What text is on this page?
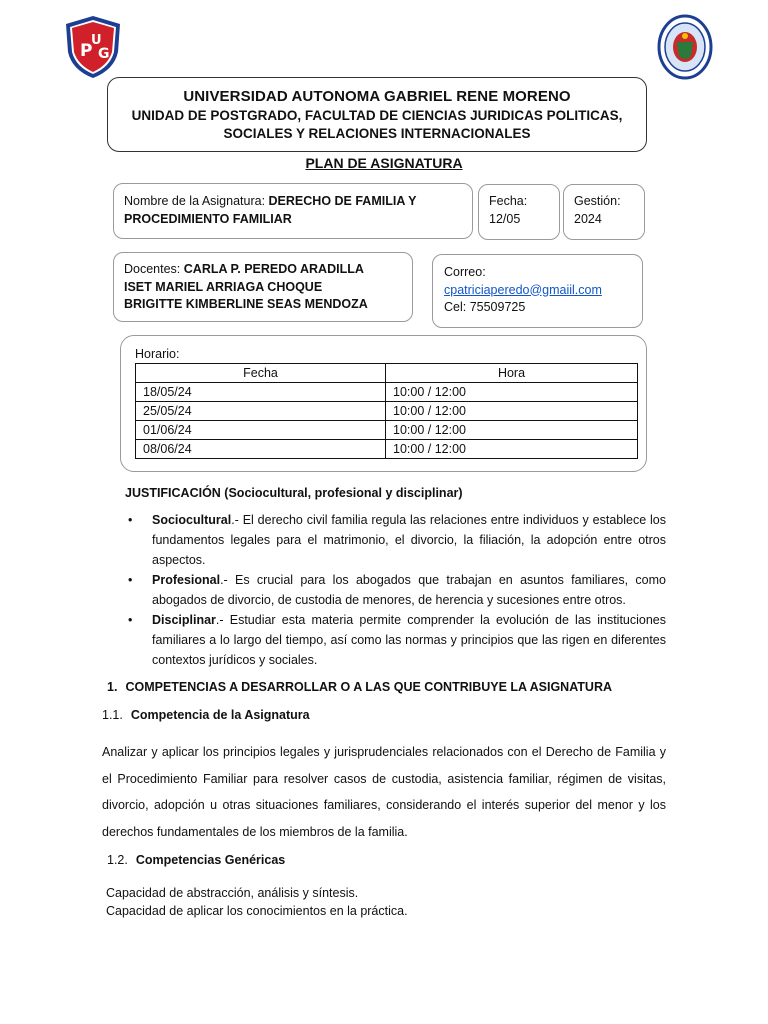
P
U
G
UNIVERSIDAD AUTONOMA GABRIEL RENE MORENO
UNIDAD DE POSTGRADO, FACULTAD DE CIENCIAS JURIDICAS POLITICAS, SOCIALES Y RELACIONES INTERNACIONALES
PLAN DE ASIGNATURA
Nombre de la Asignatura: DERECHO DE FAMILIA Y PROCEDIMIENTO FAMILIAR
Fecha:
12/05
Gestión:
2024
Docentes: CARLA P. PEREDO ARADILLA
ISET MARIEL ARRIAGA CHOQUE
BRIGITTE KIMBERLINE SEAS MENDOZA
Correo:
cpatriciaperedo@gmaiil.com
Cel: 75509725
Horario:
Fecha	Hora
18/05/24	10:00 / 12:00
25/05/24	10:00 / 12:00
01/06/24	10:00 / 12:00
08/06/24	10:00 / 12:00
JUSTIFICACIÓN (Sociocultural, profesional y disciplinar)
• Sociocultural.- El derecho civil familia regula las relaciones entre individuos y establece los fundamentos legales para el matrimonio, el divorcio, la filiación, la adopción entre otros aspectos.
• Profesional.- Es crucial para los abogados que trabajan en asuntos familiares, como abogados de divorcio, de custodia de menores, de herencia y sucesiones entre otros.
• Disciplinar.- Estudiar esta materia permite comprender la evolución de las instituciones familiares a lo largo del tiempo, así como las normas y principios que las rigen en diferentes contextos jurídicos y sociales.
1. COMPETENCIAS A DESARROLLAR O A LAS QUE CONTRIBUYE LA ASIGNATURA
1.1. Competencia de la Asignatura
Analizar y aplicar los principios legales y jurisprudenciales relacionados con el Derecho de Familia y el Procedimiento Familiar para resolver casos de custodia, asistencia familiar, régimen de visitas, divorcio, adopción u otras situaciones familiares, considerando el interés superior del menor y los derechos fundamentales de los miembros de la familia.
1.2. Competencias Genéricas
Capacidad de abstracción, análisis y síntesis.
Capacidad de aplicar los conocimientos en la práctica.
